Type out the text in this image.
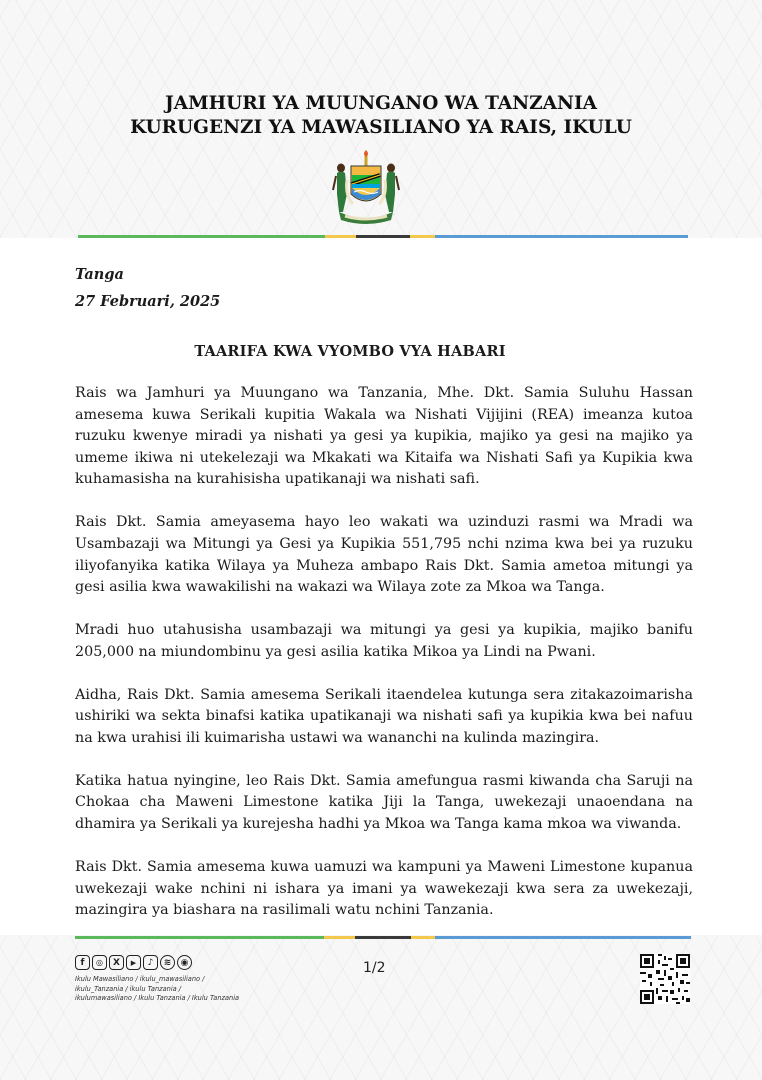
JAMHURI YA MUUNGANO WA TANZANIA
KURUGENZI YA MAWASILIANO YA RAIS, IKULU
Tanga
27 Februari, 2025
TAARIFA KWA VYOMBO VYA HABARI

Rais wa Jamhuri ya Muungano wa Tanzania, Mhe. Dkt. Samia Suluhu Hassan amesema kuwa Serikali kupitia Wakala wa Nishati Vijijini (REA) imeanza kutoa ruzuku kwenye miradi ya nishati ya gesi ya kupikia, majiko ya gesi na majiko ya umeme ikiwa ni utekelezaji wa Mkakati wa Kitaifa wa Nishati Safi ya Kupikia kwa kuhamasisha na kurahisisha upatikanaji wa nishati safi.

Rais Dkt. Samia ameyasema hayo leo wakati wa uzinduzi rasmi wa Mradi wa Usambazaji wa Mitungi ya Gesi ya Kupikia 551,795 nchi nzima kwa bei ya ruzuku iliyofanyika katika Wilaya ya Muheza ambapo Rais Dkt. Samia ametoa mitungi ya gesi asilia kwa wawakilishi na wakazi wa Wilaya zote za Mkoa wa Tanga.

Mradi huo utahusisha usambazaji wa mitungi ya gesi ya kupikia, majiko banifu 205,000 na miundombinu ya gesi asilia katika Mikoa ya Lindi na Pwani.

Aidha, Rais Dkt. Samia amesema Serikali itaendelea kutunga sera zitakazoimarisha ushiriki wa sekta binafsi katika upatikanaji wa nishati safi ya kupikia kwa bei nafuu na kwa urahisi ili kuimarisha ustawi wa wananchi na kulinda mazingira.

Katika hatua nyingine, leo Rais Dkt. Samia amefungua rasmi kiwanda cha Saruji na Chokaa cha Maweni Limestone katika Jiji la Tanga, uwekezaji unaoendana na dhamira ya Serikali ya kurejesha hadhi ya Mkoa wa Tanga kama mkoa wa viwanda.

Rais Dkt. Samia amesema kuwa uamuzi wa kampuni ya Maweni Limestone kupanua uwekezaji wake nchini ni ishara ya imani ya wawekezaji kwa sera za uwekezaji, mazingira ya biashara na rasilimali watu nchini Tanzania.

f	◎	X	▶	♪	≋	◉
Ikulu Mawasiliano / ikulu_mawasiliano /
ikulu_Tanzania / ikulu Tanzania /
ikulumawasiliano / Ikulu Tanzania / Ikulu Tanzania
1/2
